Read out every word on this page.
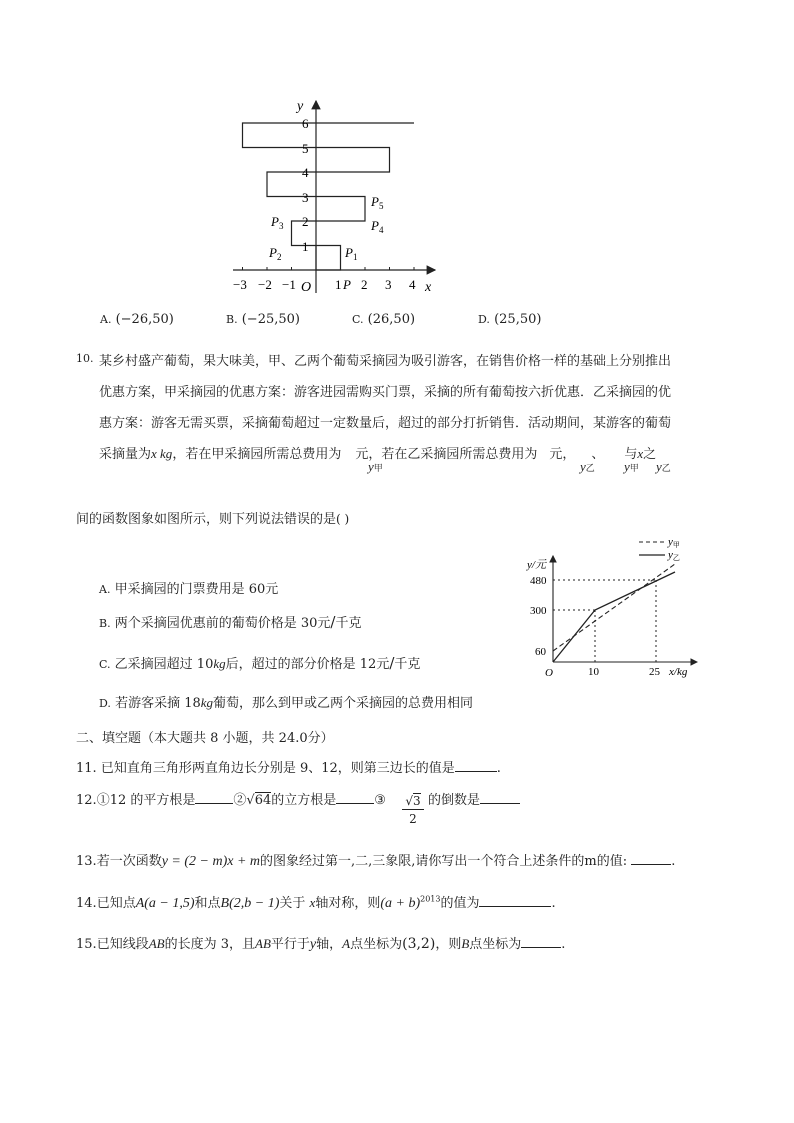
y
x
O
−3 −2 −1	1 2 3 4
1
2
3
4
5
6
P
$P_1$
$P_2$
$P_3$	$P_4$
$P_5$
A. (−26,50)	B. (−25,50)	C. (26,50)	D. (25,50)
10. 某乡村盛产葡萄，果大味美，甲、乙两个葡萄采摘园为吸引游客，在销售价格一样的基础上分别推出
优惠方案，甲采摘园的优惠方案：游客进园需购买门票，采摘的所有葡萄按六折优惠．乙采摘园的优
惠方案：游客无需买票，采摘葡萄超过一定数量后，超过的部分打折销售．活动期间，某游客的葡萄
采摘量为x kg，若在甲采摘园所需总费用为 元，若在乙采摘园所需总费用为 元， 、 与x之
y甲	y乙 y甲 y乙
间的函数图象如图所示，则下列说法错误的是( )
A. 甲采摘园的门票费用是 60元
B. 两个采摘园优惠前的葡萄价格是 30元/千克
C. 乙采摘园超过 10kg后，超过的部分价格是 12元/千克
D. 若游客采摘 18kg葡萄，那么到甲或乙两个采摘园的总费用相同
y甲
y乙
y/元
x/kg
O
480
300
60
10	25
二、填空题（本大题共 8 小题，共 24.0分）
11. 已知直角三角形两直角边长分别是 9、12，则第三边长的值是	.
12.①12 的平方根是	②√64的立方根是	③ √3
2
的倒数是
13.若一次函数y = (2 − m)x + m的图象经过第一,二,三象限,请你写出一个符合上述条件的m的值:	.
14.已知点A(a − 1,5)和点B(2,b − 1)关于 x轴对称，则$(a + b)^{2013}$的值为	.
15.已知线段AB的长度为 3，且AB平行于y轴，A点坐标为(3,2)，则B点坐标为	.
